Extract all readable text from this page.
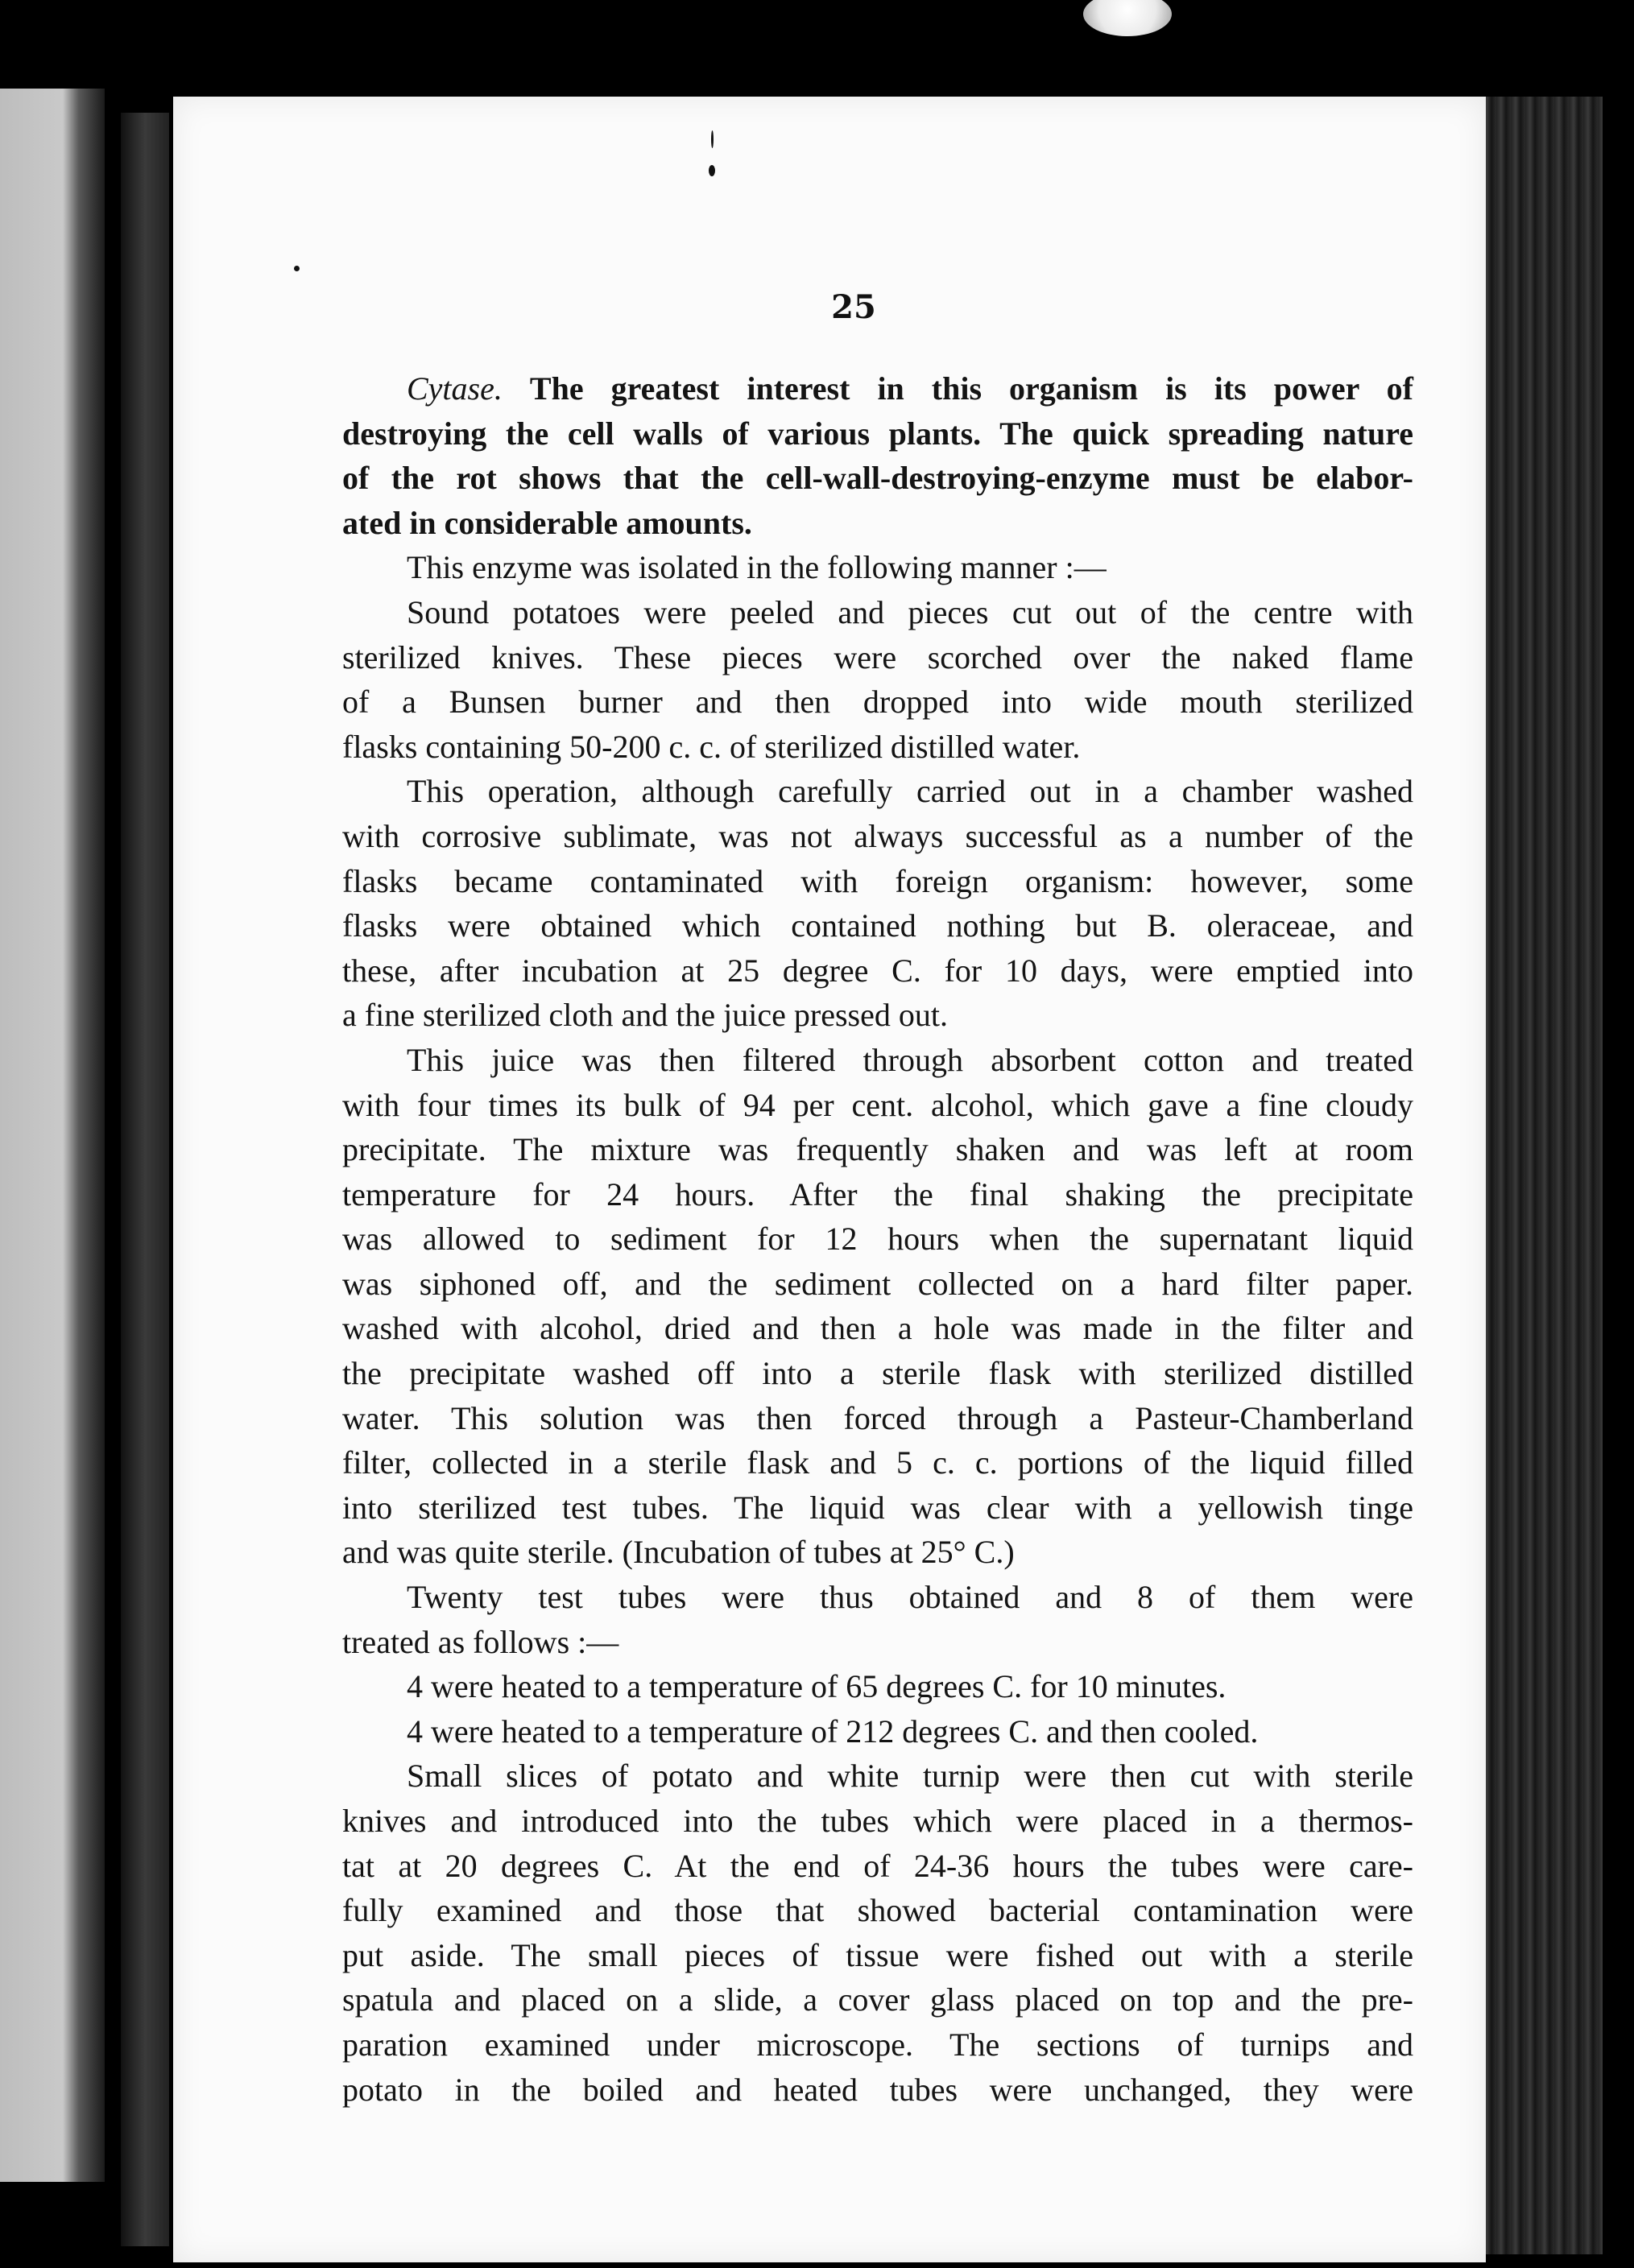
25
Cytase. The greatest interest in this organism is its power of
destroying the cell walls of various plants. The quick spreading nature
of the rot shows that the cell-wall-destroying-enzyme must be elabor-
ated in considerable amounts.
This enzyme was isolated in the following manner :—
Sound potatoes were peeled and pieces cut out of the centre with
sterilized knives. These pieces were scorched over the naked flame
of a Bunsen burner and then dropped into wide mouth sterilized
flasks containing 50-200 c. c. of sterilized distilled water.
This operation, although carefully carried out in a chamber washed
with corrosive sublimate, was not always successful as a number of the
flasks became contaminated with foreign organism: however, some
flasks were obtained which contained nothing but B. oleraceae, and
these, after incubation at 25 degree C. for 10 days, were emptied into
a fine sterilized cloth and the juice pressed out.
This juice was then filtered through absorbent cotton and treated
with four times its bulk of 94 per cent. alcohol, which gave a fine cloudy
precipitate. The mixture was frequently shaken and was left at room
temperature for 24 hours. After the final shaking the precipitate
was allowed to sediment for 12 hours when the supernatant liquid
was siphoned off, and the sediment collected on a hard filter paper.
washed with alcohol, dried and then a hole was made in the filter and
the precipitate washed off into a sterile flask with sterilized distilled
water. This solution was then forced through a Pasteur-Chamberland
filter, collected in a sterile flask and 5 c. c. portions of the liquid filled
into sterilized test tubes. The liquid was clear with a yellowish tinge
and was quite sterile. (Incubation of tubes at 25° C.)
Twenty test tubes were thus obtained and 8 of them were
treated as follows :—
4 were heated to a temperature of 65 degrees C. for 10 minutes.
4 were heated to a temperature of 212 degrees C. and then cooled.
Small slices of potato and white turnip were then cut with sterile
knives and introduced into the tubes which were placed in a thermos-
tat at 20 degrees C. At the end of 24-36 hours the tubes were care-
fully examined and those that showed bacterial contamination were
put aside. The small pieces of tissue were fished out with a sterile
spatula and placed on a slide, a cover glass placed on top and the pre-
paration examined under microscope. The sections of turnips and
potato in the boiled and heated tubes were unchanged, they were
